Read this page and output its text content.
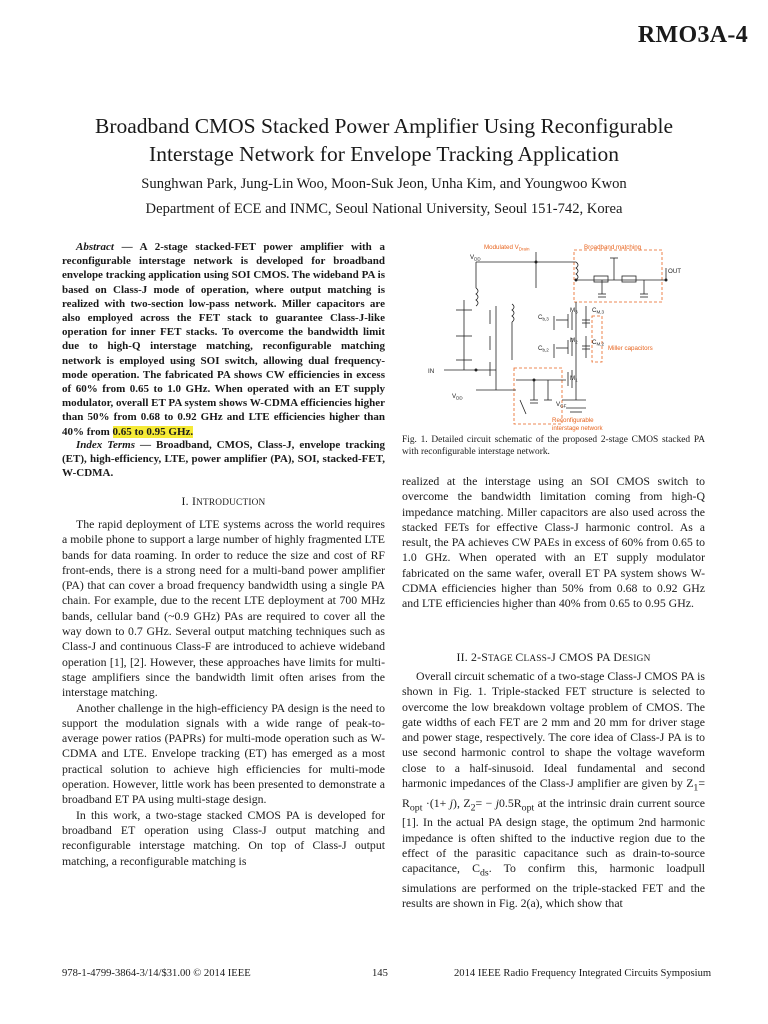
RMO3A-4
Broadband CMOS Stacked Power Amplifier Using Reconfigurable
Interstage Network for Envelope Tracking Application
Sunghwan Park, Jung-Lin Woo, Moon-Suk Jeon, Unha Kim, and Youngwoo Kwon
Department of ECE and INMC, Seoul National University, Seoul 151-742, Korea

Abstract — A 2-stage stacked-FET power amplifier with a reconfigurable interstage network is developed for broadband envelope tracking application using SOI CMOS. The wideband PA is based on Class-J mode of operation, where output matching is realized with two-section low-pass network. Miller capacitors are also employed across the FET stack to guarantee Class-J-like operation for inner FET stacks. To overcome the bandwidth limit due to high-Q interstage matching, reconfigurable matching network is employed using SOI switch, allowing dual frequency-mode operation. The fabricated PA shows CW efficiencies in excess of 60% from 0.65 to 1.0 GHz. When operated with an ET supply modulator, overall ET PA system shows W-CDMA efficiencies higher than 50% from 0.68 to 0.92 GHz and LTE efficiencies higher than 40% from 0.65 to 0.95 GHz.

Index Terms — Broadband, CMOS, Class-J, envelope tracking (ET), high-efficiency, LTE, power amplifier (PA), SOI, stacked-FET, W-CDMA.

I. INTRODUCTION

The rapid deployment of LTE systems across the world requires a mobile phone to support a large number of highly fragmented LTE bands for data roaming. In order to reduce the size and cost of RF front-ends, there is a strong need for a multi-band power amplifier (PA) that can cover a broad frequency bandwidth using a single PA chain. For example, due to the recent LTE deployment at 700 MHz bands, cellular band (~0.9 GHz) PAs are required to cover all the way down to 0.7 GHz. Several output matching techniques such as Class-J and continuous Class-F are introduced to achieve wideband operation [1], [2]. However, these approaches have limits for multi-stage amplifiers since the bandwidth limit often arises from the interstage matching.

Another challenge in the high-efficiency PA design is the need to support the modulation signals with a wide range of peak-to-average power ratios (PAPRs) for multi-mode operation such as W-CDMA and LTE. Envelope tracking (ET) has emerged as a most practical solution to achieve high efficiencies for multi-mode operation. However, little work has been presented to demonstrate a broadband ET PA using multi-stage design.

In this work, a two-stage stacked CMOS PA is developed for broadband ET operation using Class-J output matching and reconfigurable interstage matching. On top of Class-J output matching, a reconfigurable matching is

Modulated $V_{Drain}$	Broadband matching
$V_{DD}$
OUT
$C_{b,3}$
$C_{M,3}$
$M_3$
Miller capacitors
$C_{b,2}$
$C_{M,2}$
$M_2$
$M_1$
IN
$V_{DD}$
$V_{GF}$
Reconfigurable
interstage network
Fig. 1. Detailed circuit schematic of the proposed 2-stage CMOS stacked PA with reconfigurable interstage network.

realized at the interstage using an SOI CMOS switch to overcome the bandwidth limitation coming from high-Q impedance matching. Miller capacitors are also used across the stacked FETs for effective Class-J harmonic control. As a result, the PA achieves CW PAEs in excess of 60% from 0.65 to 1.0 GHz. When operated with an ET supply modulator fabricated on the same wafer, overall ET PA system shows W-CDMA efficiencies higher than 50% from 0.68 to 0.92 GHz and LTE efficiencies higher than 40% from 0.65 to 0.95 GHz.

II. 2-STAGE CLASS-J CMOS PA DESIGN

Overall circuit schematic of a two-stage Class-J CMOS PA is shown in Fig. 1. Triple-stacked FET structure is selected to overcome the low breakdown voltage problem of CMOS. The gate widths of each FET are 2 mm and 20 mm for driver stage and power stage, respectively. The core idea of Class-J PA is to use second harmonic control to shape the voltage waveform close to a half-sinusoid. Ideal fundamental and second harmonic impedances of the Class-J amplifier are given by $Z_1= R_{opt} \cdot(1+ j)$, $Z_2= - j0.5R_{opt}$ at the intrinsic drain current source [1]. In the actual PA design stage, the optimum 2nd harmonic impedance is often shifted to the inductive region due to the effect of the parasitic capacitance such as drain-to-source capacitance, $C_{ds}$. To confirm this, harmonic loadpull simulations are performed on the triple-stacked FET and the results are shown in Fig. 2(a), which show that

978-1-4799-3864-3/14/$31.00 © 2014 IEEE	145	2014 IEEE Radio Frequency Integrated Circuits Symposium
